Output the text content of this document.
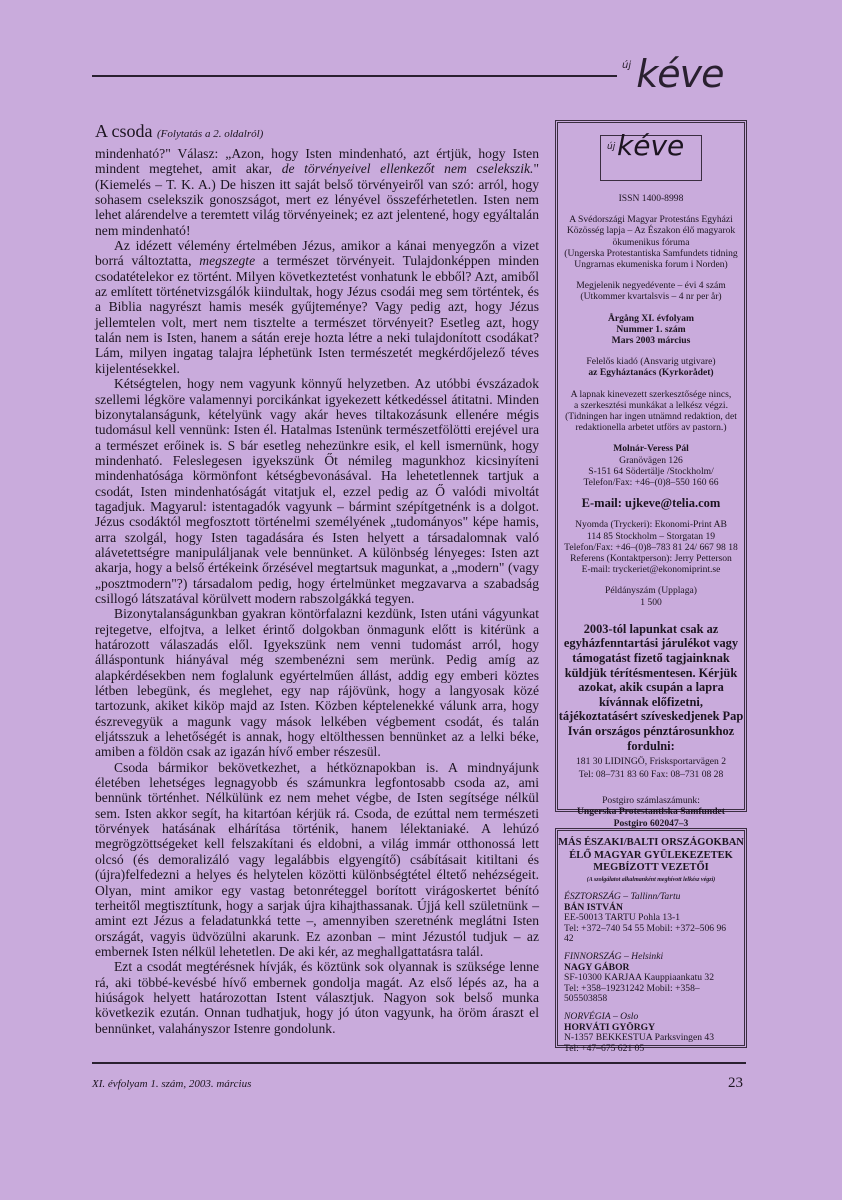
$^{új}$ kéve
A csoda (Folytatás a 2. oldalról)

mindenható?" Válasz: „Azon, hogy Isten mindenható, azt értjük, hogy Isten mindent megtehet, amit akar, de törvényeivel ellenkezőt nem cselekszik." (Kiemelés – T. K. A.) De hiszen itt saját belső törvényeiről van szó: arról, hogy sohasem cselekszik gonoszságot, mert ez lényével összeférhetetlen. Isten nem lehet alárendelve a teremtett világ törvényeinek; ez azt jelentené, hogy egyáltalán nem mindenható!

Az idézett vélemény értelmében Jézus, amikor a kánai menyegzőn a vizet borrá változtatta, megszegte a természet törvényeit. Tulajdonképpen minden csodatételekor ez történt. Milyen következtetést vonhatunk le ebből? Azt, amiből az említett történetvizsgálók kiindultak, hogy Jézus csodái meg sem történtek, és a Biblia nagyrészt hamis mesék gyűjteménye? Vagy pedig azt, hogy Jézus jellemtelen volt, mert nem tisztelte a természet törvényeit? Esetleg azt, hogy talán nem is Isten, hanem a sátán ereje hozta létre a neki tulajdonított csodákat? Lám, milyen ingatag talajra léphetünk Isten természetét megkérdőjelező téves kijelentésekkel.

Kétségtelen, hogy nem vagyunk könnyű helyzetben. Az utóbbi évszázadok szellemi légköre valamennyi porcikánkat igyekezett kétkedéssel átitatni. Minden bizonytalanságunk, kételyünk vagy akár heves tiltakozásunk ellenére mégis tudomásul kell vennünk: Isten él. Hatalmas Istenünk természetfölötti erejével ura a természet erőinek is. S bár esetleg nehezünkre esik, el kell ismernünk, hogy mindenható. Feleslegesen igyekszünk Őt némileg magunkhoz kicsinyíteni mindenhatósága körmönfont kétségbevonásával. Ha lehetetlennek tartjuk a csodát, Isten mindenhatóságát vitatjuk el, ezzel pedig az Ő valódi mivoltát tagadjuk. Magyarul: istentagadók vagyunk – bármint szépítgetnénk is a dolgot. Jézus csodáktól megfosztott történelmi személyének „tudományos" képe hamis, arra szolgál, hogy Isten tagadására és Isten helyett a társadalomnak való alávetettségre manipuláljanak vele bennünket. A különbség lényeges: Isten azt akarja, hogy a belső értékeink őrzésével megtartsuk magunkat, a „modern" (vagy „posztmodern"?) társadalom pedig, hogy értelmünket megzavarva a szabadság csillogó látszatával körülvett modern rabszolgákká tegyen.

Bizonytalanságunkban gyakran köntörfalazni kezdünk, Isten utáni vágyunkat rejtegetve, elfojtva, a lelket érintő dolgokban önmagunk előtt is kitérünk a határozott válaszadás elől. Igyekszünk nem venni tudomást arról, hogy álláspontunk hiányával még szembenézni sem merünk. Pedig amíg az alapkérdésekben nem foglalunk egyértelműen állást, addig egy emberi köztes létben lebegünk, és meglehet, egy nap rájövünk, hogy a langyosak közé tartozunk, akiket kiköp majd az Isten. Közben képtelenekké válunk arra, hogy észrevegyük a magunk vagy mások lelkében végbement csodát, és talán eljátsszuk a lehetőségét is annak, hogy eltölthessen bennünket az a lelki béke, amiben a földön csak az igazán hívő ember részesül.

Csoda bármikor bekövetkezhet, a hétköznapokban is. A mindnyájunk életében lehetséges legnagyobb és számunkra legfontosabb csoda az, ami bennünk történhet. Nélkülünk ez nem mehet végbe, de Isten segítsége nélkül sem. Isten akkor segít, ha kitartóan kérjük rá. Csoda, de ezúttal nem természeti törvények hatásának elhárítása történik, hanem lélektaniaké. A lehúzó megrögzöttségeket kell felszakítani és eldobni, a világ immár otthonossá lett olcsó (és demoralizáló vagy legalábbis elgyengítő) csábításait kitiltani és (újra)felfedezni a helyes és helytelen közötti különbségtétel éltető nehézségeit. Olyan, mint amikor egy vastag betonréteggel borított virágoskertet bénító terheitől megtisztítunk, hogy a sarjak újra kihajthassanak. Újjá kell születnünk – amint ezt Jézus a feladatunkká tette –, amennyiben szeretnénk meglátni Isten országát, vagyis üdvözülni akarunk. Ez azonban – mint Jézustól tudjuk – az embernek Isten nélkül lehetetlen. De aki kér, az meghallgattatásra talál.

Ezt a csodát megtérésnek hívják, és köztünk sok olyannak is szüksége lenne rá, aki többé-kevésbé hívő embernek gondolja magát. Az első lépés az, ha a hiúságok helyett határozottan Istent választjuk. Nagyon sok belső munka következik ezután. Onnan tudhatjuk, hogy jó úton vagyunk, ha öröm áraszt el bennünket, valahányszor Istenre gondolunk.

új kéve
ISSN 1400-8998
A Svédországi Magyar Protestáns Egyházi
Közösség lapja – Az Északon élő magyarok
ökumenikus fóruma
(Ungerska Protestantiska Samfundets tidning
Ungrarnas ekumeniska forum i Norden)
Megjelenik negyedévente – évi 4 szám
(Utkommer kvartalsvis – 4 nr per år)
Årgång XI. évfolyam
Nummer 1. szám
Mars 2003 március
Felelős kiadó (Ansvarig utgivare)
az Egyháztanács (Kyrkorådet)
A lapnak kinevezett szerkesztősége nincs,
a szerkesztési munkákat a lelkész végzi.
(Tidningen har ingen utnämnd redaktion, det
redaktionella arbetet utförs av pastorn.)
Molnár-Veress Pál
Granövägen 126
S-151 64 Södertälje /Stockholm/
Telefon/Fax: +46–(0)8–550 160 66
E-mail: ujkeve@telia.com
Nyomda (Tryckeri): Ekonomi-Print AB
114 85 Stockholm – Storgatan 19
Telefon/Fax: +46–(0)8–783 81 24/ 667 98 18
Referens (Kontaktperson): Jerry Petterson
E-mail: tryckeriet@ekonomiprint.se
Példányszám (Upplaga)
1 500
2003-tól lapunkat csak az egyházfenntartási járulékot vagy támogatást fizető tagjainknak küldjük térítésmentesen. Kérjük azokat, akik csupán a lapra kívánnak előfizetni, tájékoztatásért szíveskedjenek Pap Iván országos pénztárosunkhoz fordulni:
181 30 LIDINGÖ, Frisksportarvägen 2
Tel: 08–731 83 60 Fax: 08–731 08 28
Postgiro számlaszámunk:
Ungerska Protestantiska Samfundet
Postgiro 602047–3
MÁS ÉSZAKI/BALTI ORSZÁGOKBAN
ÉLŐ MAGYAR GYÜLEKEZETEK
MEGBÍZOTT VEZETŐI
(A szolgálatot alkalmanként meghívott lelkész végzi)
ÉSZTORSZÁG – Tallinn/Tartu
BÁN ISTVÁN
EE-50013 TARTU Pohla 13-1
Tel: +372–740 54 55 Mobil: +372–506 96 42
FINNORSZÁG – Helsinki
NAGY GÁBOR
SF-10300 KARJAA Kauppiaankatu 32
Tel: +358–19231242 Mobil: +358–505503858
NORVÉGIA – Oslo
HORVÁTI GYÖRGY
N-1357 BEKKESTUA Parksvingen 43
Tel: +47–675 621 05
XI. évfolyam 1. szám, 2003. március	23
